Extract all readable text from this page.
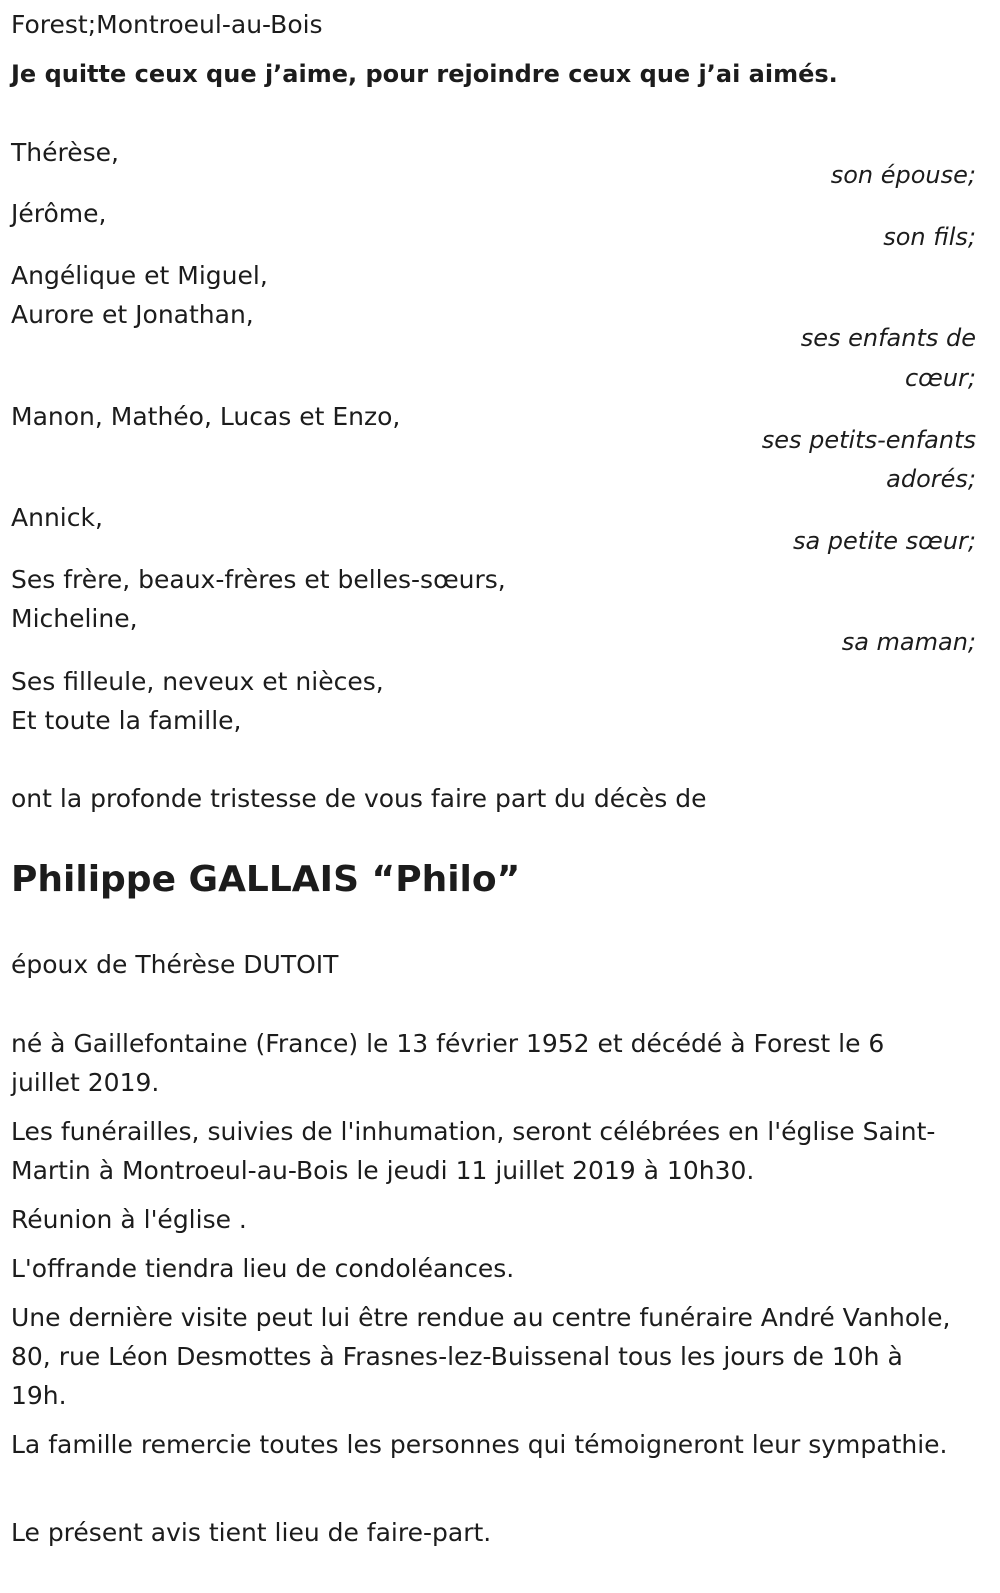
Forest;Montroeul-au-Bois
Je quitte ceux que j’aime, pour rejoindre ceux que j’ai aimés.
Thérèse,
son épouse;
Jérôme,
son fils;
Angélique et Miguel,
Aurore et Jonathan,
ses enfants de
cœur;
Manon, Mathéo, Lucas et Enzo,
ses petits-enfants
adorés;
Annick,
sa petite sœur;
Ses frère, beaux-frères et belles-sœurs,
Micheline,
sa maman;
Ses filleule, neveux et nièces,
Et toute la famille,
ont la profonde tristesse de vous faire part du décès de
Philippe GALLAIS “Philo”
époux de Thérèse DUTOIT
né à Gaillefontaine (France) le 13 février 1952 et décédé à Forest le 6 juillet 2019.
Les funérailles, suivies de l'inhumation, seront célébrées en l'église Saint-Martin à Montroeul-au-Bois le jeudi 11 juillet 2019 à 10h30.
Réunion à l'église .
L'offrande tiendra lieu de condoléances.
Une dernière visite peut lui être rendue au centre funéraire André Vanhole, 80, rue Léon Desmottes à Frasnes-lez-Buissenal tous les jours de 10h à 19h.
La famille remercie toutes les personnes qui témoigneront leur sympathie.
Le présent avis tient lieu de faire-part.
